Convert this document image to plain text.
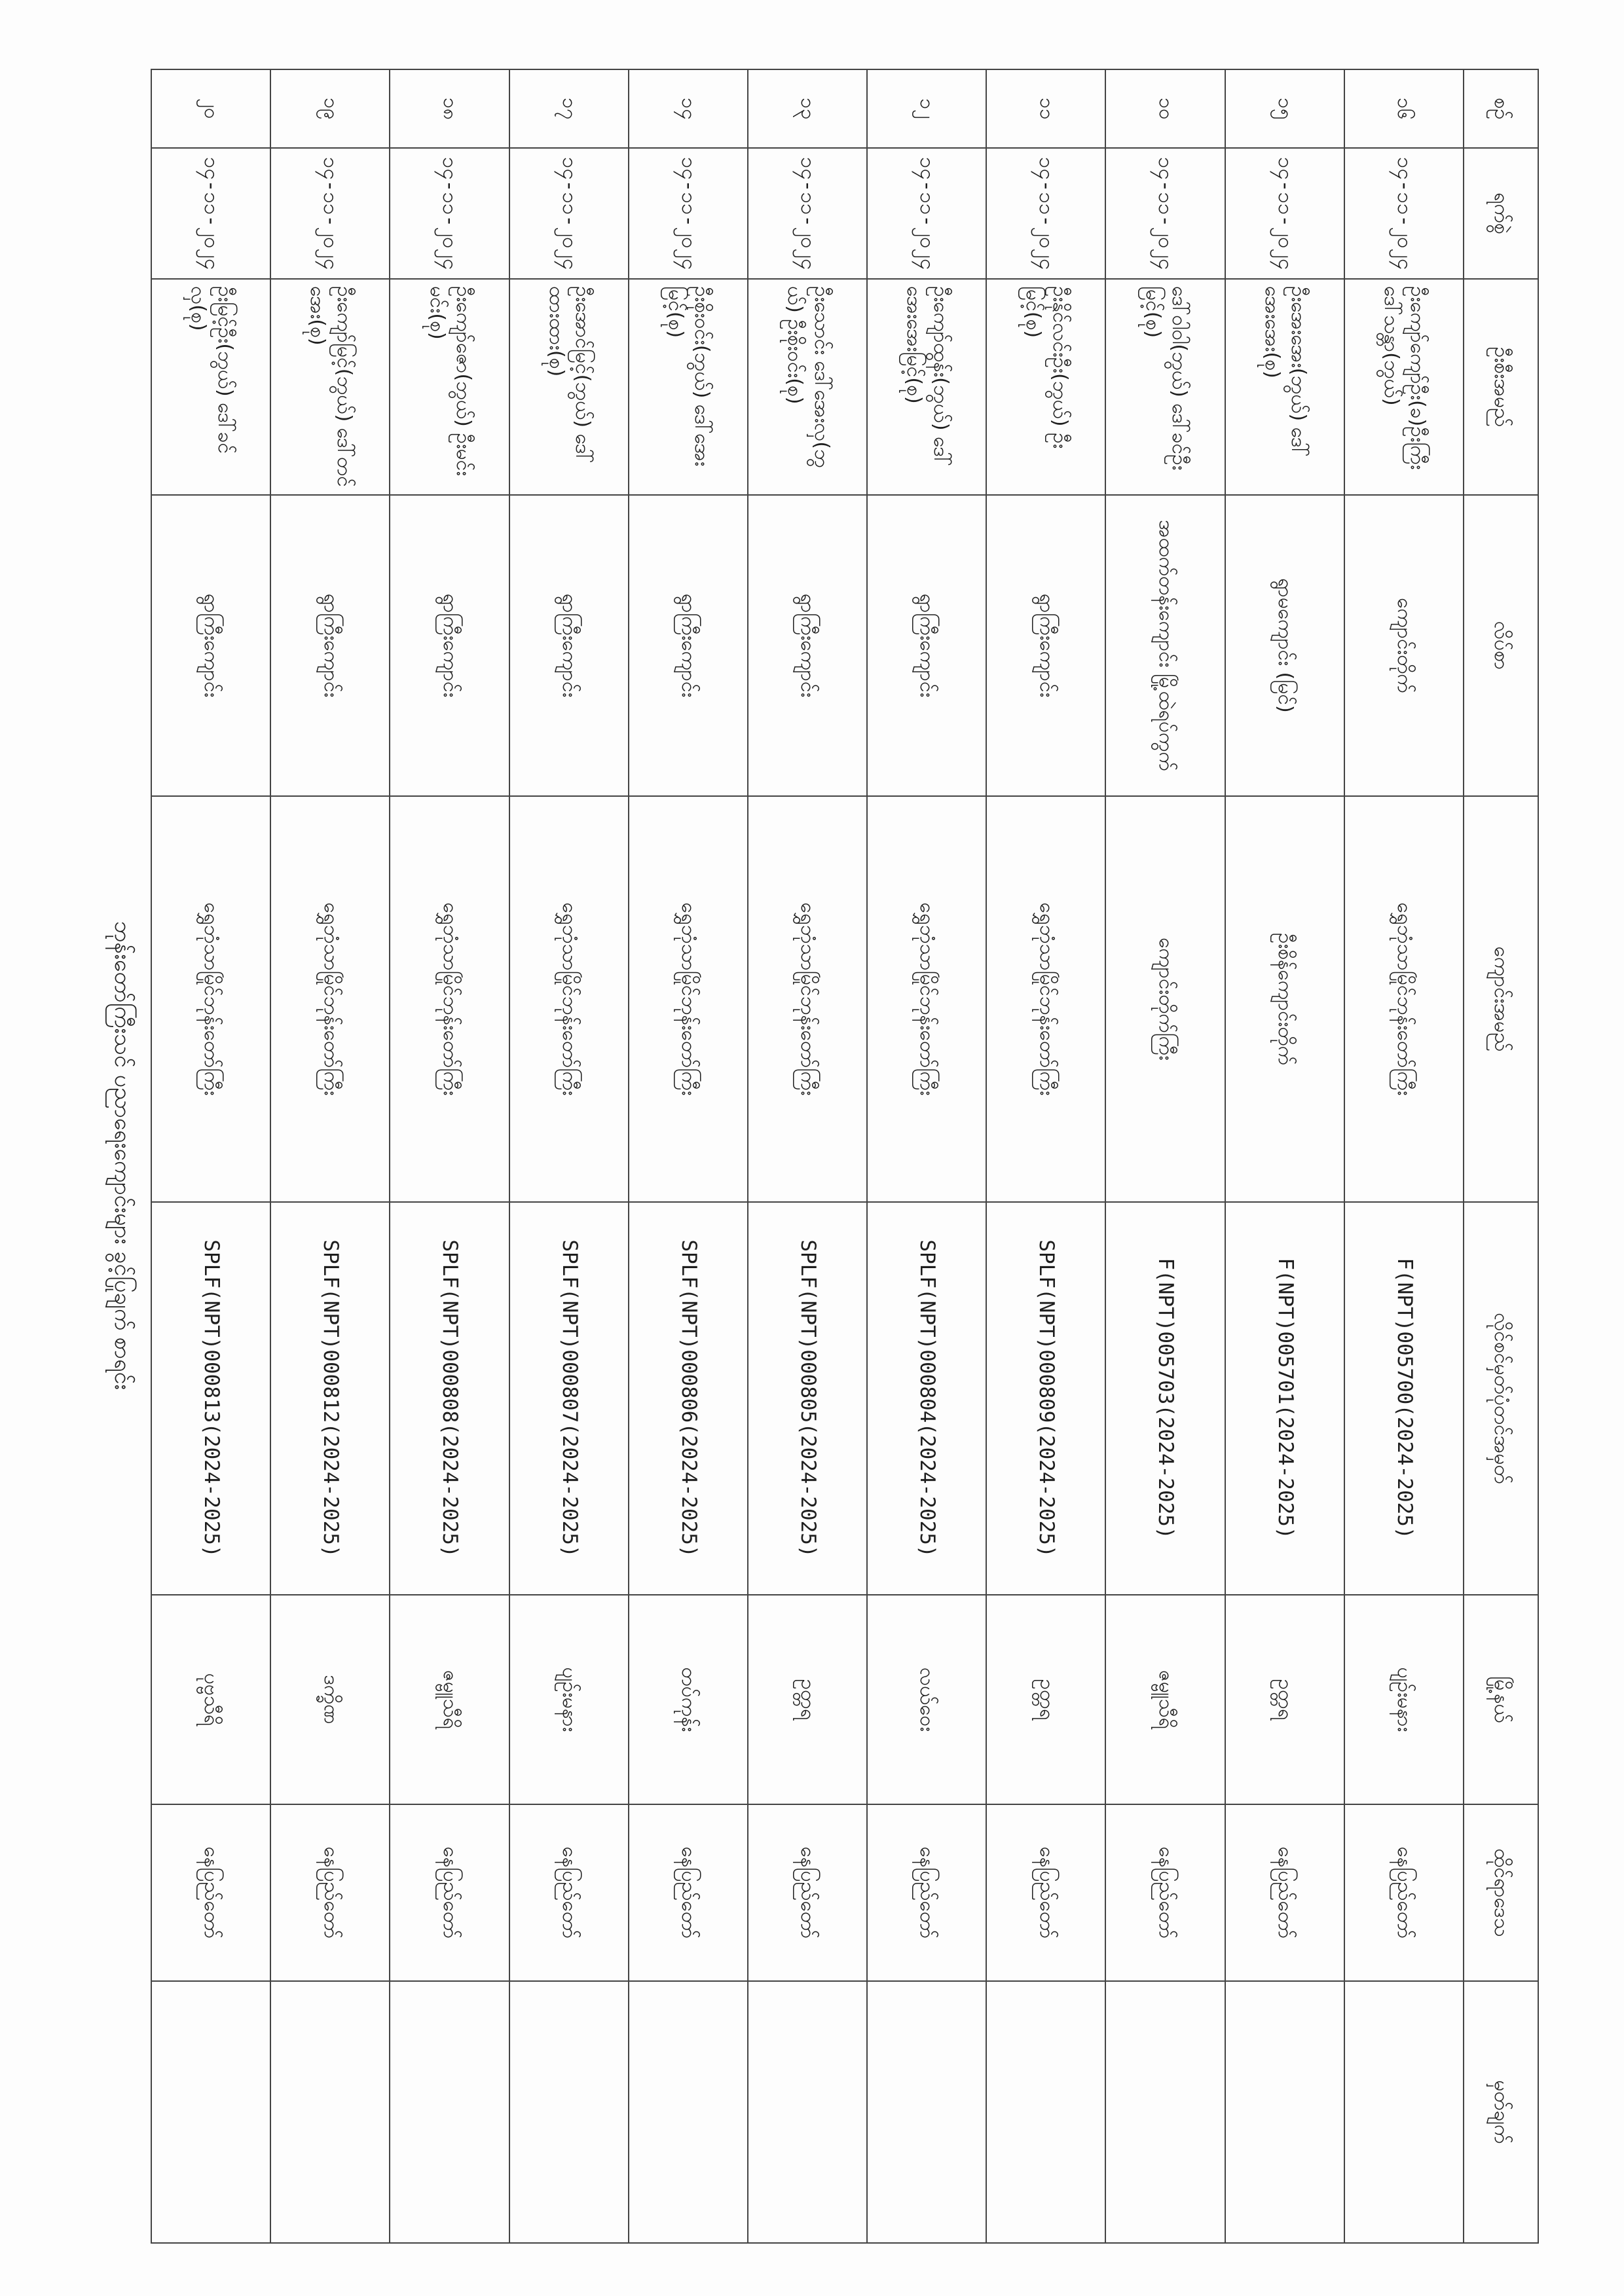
စဉ်	ရက်စွဲ	ဦးစီးအမည်	လိပ်စာ	ကျောင်းအမည်	လိုင်စင်မှတ်ပုံတင်အမှတ်	မြို့နယ်	ထိုင်ရာဒေသ	မှတ်ချက်
၁၆	၁၄-၁၁-၂၀၂၄	ဦးကျော်ကျော်ဦး(ခ)ဦးကြီး ဒေါ်သန္တာ(ဘွယ်)	ကျောင်းတိုက်	ရွှေဘုံသာမြိုင်ဘုန်းတော်ကြီး	F(NPT)005700(2024-2025)	ပျဉ်းမနား	နေပြည်တော်	
၁၅	၁၄-၁၁-၂၀၂၄	ဦးအေးအေး(ဘွယ်) ဒေါ်အေးအေး(စု)	ရွာမကျောင်း (မြင်)	ဦးစိန်ကျောင်းတိုက်	F(NPT)005701(2024-2025)	ဥတ္တရ	နေပြည်တော်	
၁၀	၁၄-၁၁-၂၀၂၄	ဒေါ်ဝါဝါ(ဘွယ်) ဒေါ်ခင်ဦးမြင့်(စု)	အထက်တန်းကျောင်း မြို့ထဲရပ်ကွက်	ကျောင်းတိုက်ကြီး	F(NPT)005703(2024-2025)	ဇမ္ဗူသီရိ	နေပြည်တော်	
၁၁	၁၄-၁၁-၂၀၂၄	ဦးနိုင်လင်းဦး(ဘွယ်) ဦးမြင့်(စု)	ရွာကြီးကျောင်း	ရွှေဘုံသာမြိုင်ဘုန်းတော်ကြီး	SPLF(NPT)000809(2024-2025)	ဥတ္တရ	နေပြည်တော်	
၁၂	၁၄-၁၁-၂၀၂၄	ဦးကျော်ထွန်း(ဘွယ်) ဒေါ်အေးအေးမြင့်(စု)	ရွာကြီးကျောင်း	ရွှေဘုံသာမြိုင်ဘုန်းတော်ကြီး	SPLF(NPT)000804(2024-2025)	လယ်ဝေး	နေပြည်တော်	
၁၃	၁၄-၁၁-၂၀၂၄	ဦးသောင်း ဒေါ်အေးလှ(ဘွယ်) ဦးစိုးဝင်း(စု)	ရွာကြီးကျောင်း	ရွှေဘုံသာမြိုင်ဘုန်းတော်ကြီး	SPLF(NPT)000805(2024-2025)	ဥတ္တရ	နေပြည်တော်	
၁၄	၁၄-၁၁-၂၀၂၄	ဦးစိုးဝင်း(ဘွယ်) ဒေါ်အေးမြင့်(စု)	ရွာကြီးကျောင်း	ရွှေဘုံသာမြိုင်ဘုန်းတော်ကြီး	SPLF(NPT)000806(2024-2025)	တပ်ကုန်း	နေပြည်တော်	
၁၇	၁၄-၁၁-၂၀၂၄	ဦးအောင်မြင့်(ဘွယ်) ဒေါ်ထားထား(စု)	ရွာကြီးကျောင်း	ရွှေဘုံသာမြိုင်ဘုန်းတော်ကြီး	SPLF(NPT)000807(2024-2025)	ပျဉ်းမနား	နေပြည်တော်	
၁၈	၁၄-၁၁-၂၀၂၄	ဦးကျော်ဇော(ဘွယ်) ဦးမင်းမင်း(စု)	ရွာကြီးကျောင်း	ရွှေဘုံသာမြိုင်ဘုန်းတော်ကြီး	SPLF(NPT)000808(2024-2025)	ဇမ္ဗူသီရိ	နေပြည်တော်	
၁၉	၁၄-၁၁-၂၀၂၄	ဦးကျော်မြင့်(ဘွယ်) ဒေါ်တင်အေး(စု)	ရွာကြီးကျောင်း	ရွှေဘုံသာမြိုင်ဘုန်းတော်ကြီး	SPLF(NPT)000812(2024-2025)	ဒက္ခိဏ	နေပြည်တော်	
၂၀	၁၄-၁၁-၂၀၂၄	ဦးမြင့်ဦး(ဘွယ်) ဒေါ်ခင်လှ(စု)	ရွာကြီးကျောင်း	ရွှေဘုံသာမြိုင်ဘုန်းတော်ကြီး	SPLF(NPT)000813(2024-2025)	ပုဗ္ဗသီရိ	နေပြည်တော်	
ဘုန်းတော်ကြီးသင် ပညာရေးကျောင်းများ ခွင့်ပြုချက် စာရင်း
